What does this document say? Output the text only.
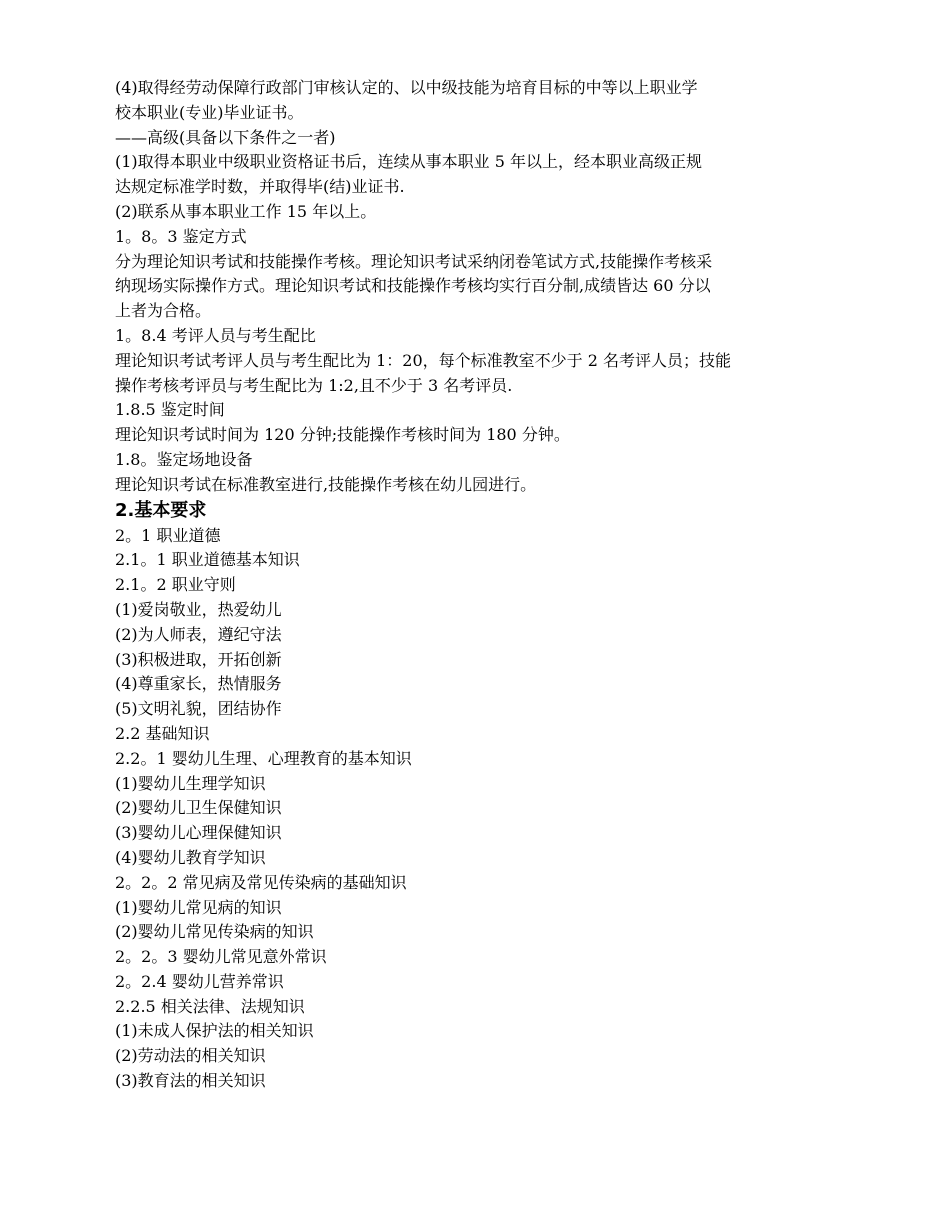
(4)取得经劳动保障行政部门审核认定的、以中级技能为培育目标的中等以上职业学
校本职业(专业)毕业证书。
——高级(具备以下条件之一者)
(1)取得本职业中级职业资格证书后，连续从事本职业 5 年以上，经本职业高级正规
达规定标准学时数，并取得毕(结)业证书.
(2)联系从事本职业工作 15 年以上。
1。8。3 鉴定方式
分为理论知识考试和技能操作考核。理论知识考试采纳闭卷笔试方式,技能操作考核采
纳现场实际操作方式。理论知识考试和技能操作考核均实行百分制,成绩皆达 60 分以
上者为合格。
1。8.4 考评人员与考生配比
理论知识考试考评人员与考生配比为 1：20，每个标准教室不少于 2 名考评人员；技能
操作考核考评员与考生配比为 1:2,且不少于 3 名考评员.
1.8.5 鉴定时间
理论知识考试时间为 120 分钟;技能操作考核时间为 180 分钟。
1.8。鉴定场地设备
理论知识考试在标准教室进行,技能操作考核在幼儿园进行。
2.基本要求
2。1 职业道德
2.1。1 职业道德基本知识
2.1。2 职业守则
(1)爱岗敬业，热爱幼儿
(2)为人师表，遵纪守法
(3)积极进取，开拓创新
(4)尊重家长，热情服务
(5)文明礼貌，团结协作
2.2 基础知识
2.2。1 婴幼儿生理、心理教育的基本知识
(1)婴幼儿生理学知识
(2)婴幼儿卫生保健知识
(3)婴幼儿心理保健知识
(4)婴幼儿教育学知识
2。2。2 常见病及常见传染病的基础知识
(1)婴幼儿常见病的知识
(2)婴幼儿常见传染病的知识
2。2。3 婴幼儿常见意外常识
2。2.4 婴幼儿营养常识
2.2.5 相关法律、法规知识
(1)未成人保护法的相关知识
(2)劳动法的相关知识
(3)教育法的相关知识
